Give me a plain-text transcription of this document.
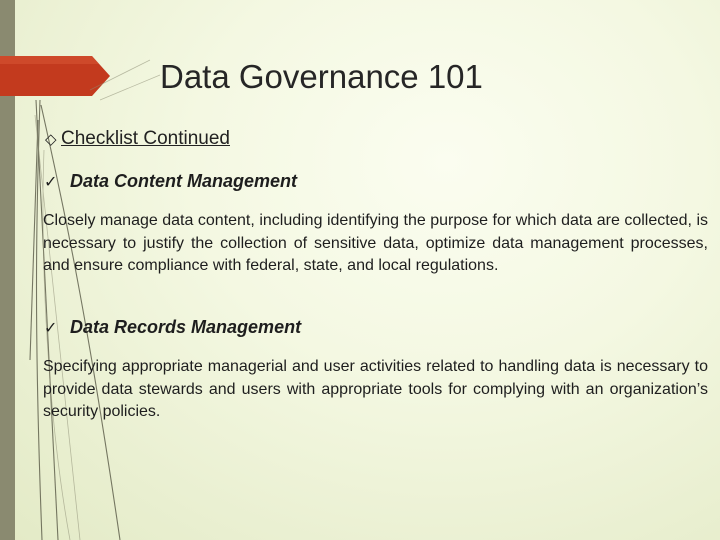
Data Governance 101
◇ Checklist Continued
✓ Data Content Management

Closely manage data content, including identifying the purpose for which data are collected, is necessary to justify the collection of sensitive data, optimize data management processes, and ensure compliance with federal, state, and local regulations.

✓ Data Records Management

Specifying appropriate managerial and user activities related to handling data is necessary to provide data stewards and users with appropriate tools for complying with an organization’s security policies.
